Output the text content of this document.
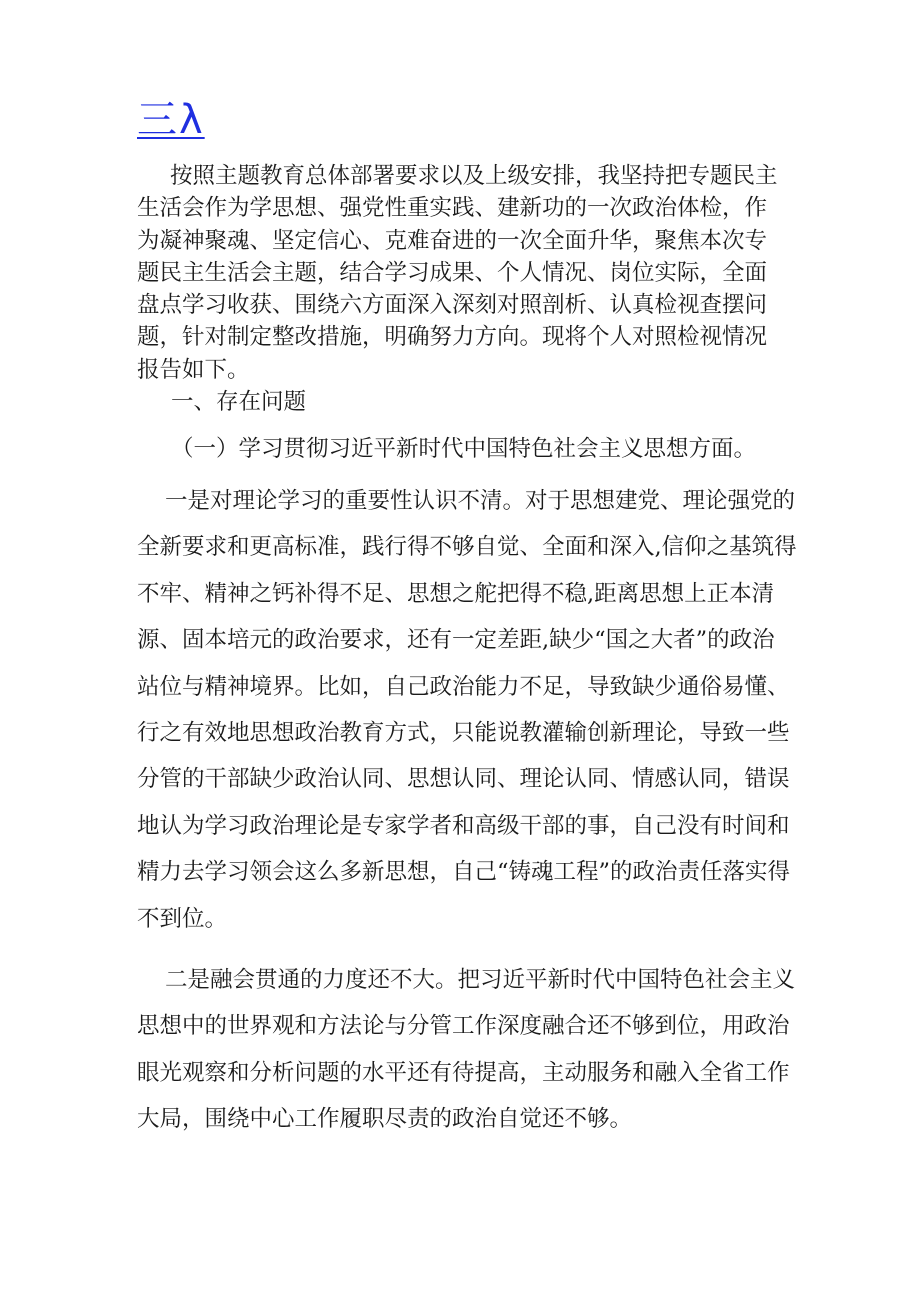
三λ

按照主题教育总体部署要求以及上级安排，我坚持把专题民主生活会作为学思想、强党性重实践、建新功的一次政治体检，作为凝神聚魂、坚定信心、克难奋进的一次全面升华，聚焦本次专题民主生活会主题，结合学习成果、个人情况、岗位实际，全面盘点学习收获、围绕六方面深入深刻对照剖析、认真检视查摆问题，针对制定整改措施，明确努力方向。现将个人对照检视情况报告如下。

一、存在问题

（一）学习贯彻习近平新时代中国特色社会主义思想方面。

一是对理论学习的重要性认识不清。对于思想建党、理论强党的全新要求和更高标准，践行得不够自觉、全面和深入,信仰之基筑得不牢、精神之钙补得不足、思想之舵把得不稳,距离思想上正本清源、固本培元的政治要求，还有一定差距,缺少“国之大者”的政治站位与精神境界。比如，自己政治能力不足，导致缺少通俗易懂、行之有效地思想政治教育方式，只能说教灌输创新理论，导致一些分管的干部缺少政治认同、思想认同、理论认同、情感认同，错误地认为学习政治理论是专家学者和高级干部的事，自己没有时间和精力去学习领会这么多新思想，自己“铸魂工程”的政治责任落实得不到位。

二是融会贯通的力度还不大。把习近平新时代中国特色社会主义思想中的世界观和方法论与分管工作深度融合还不够到位，用政治眼光观察和分析问题的水平还有待提高，主动服务和融入全省工作大局，围绕中心工作履职尽责的政治自觉还不够。
